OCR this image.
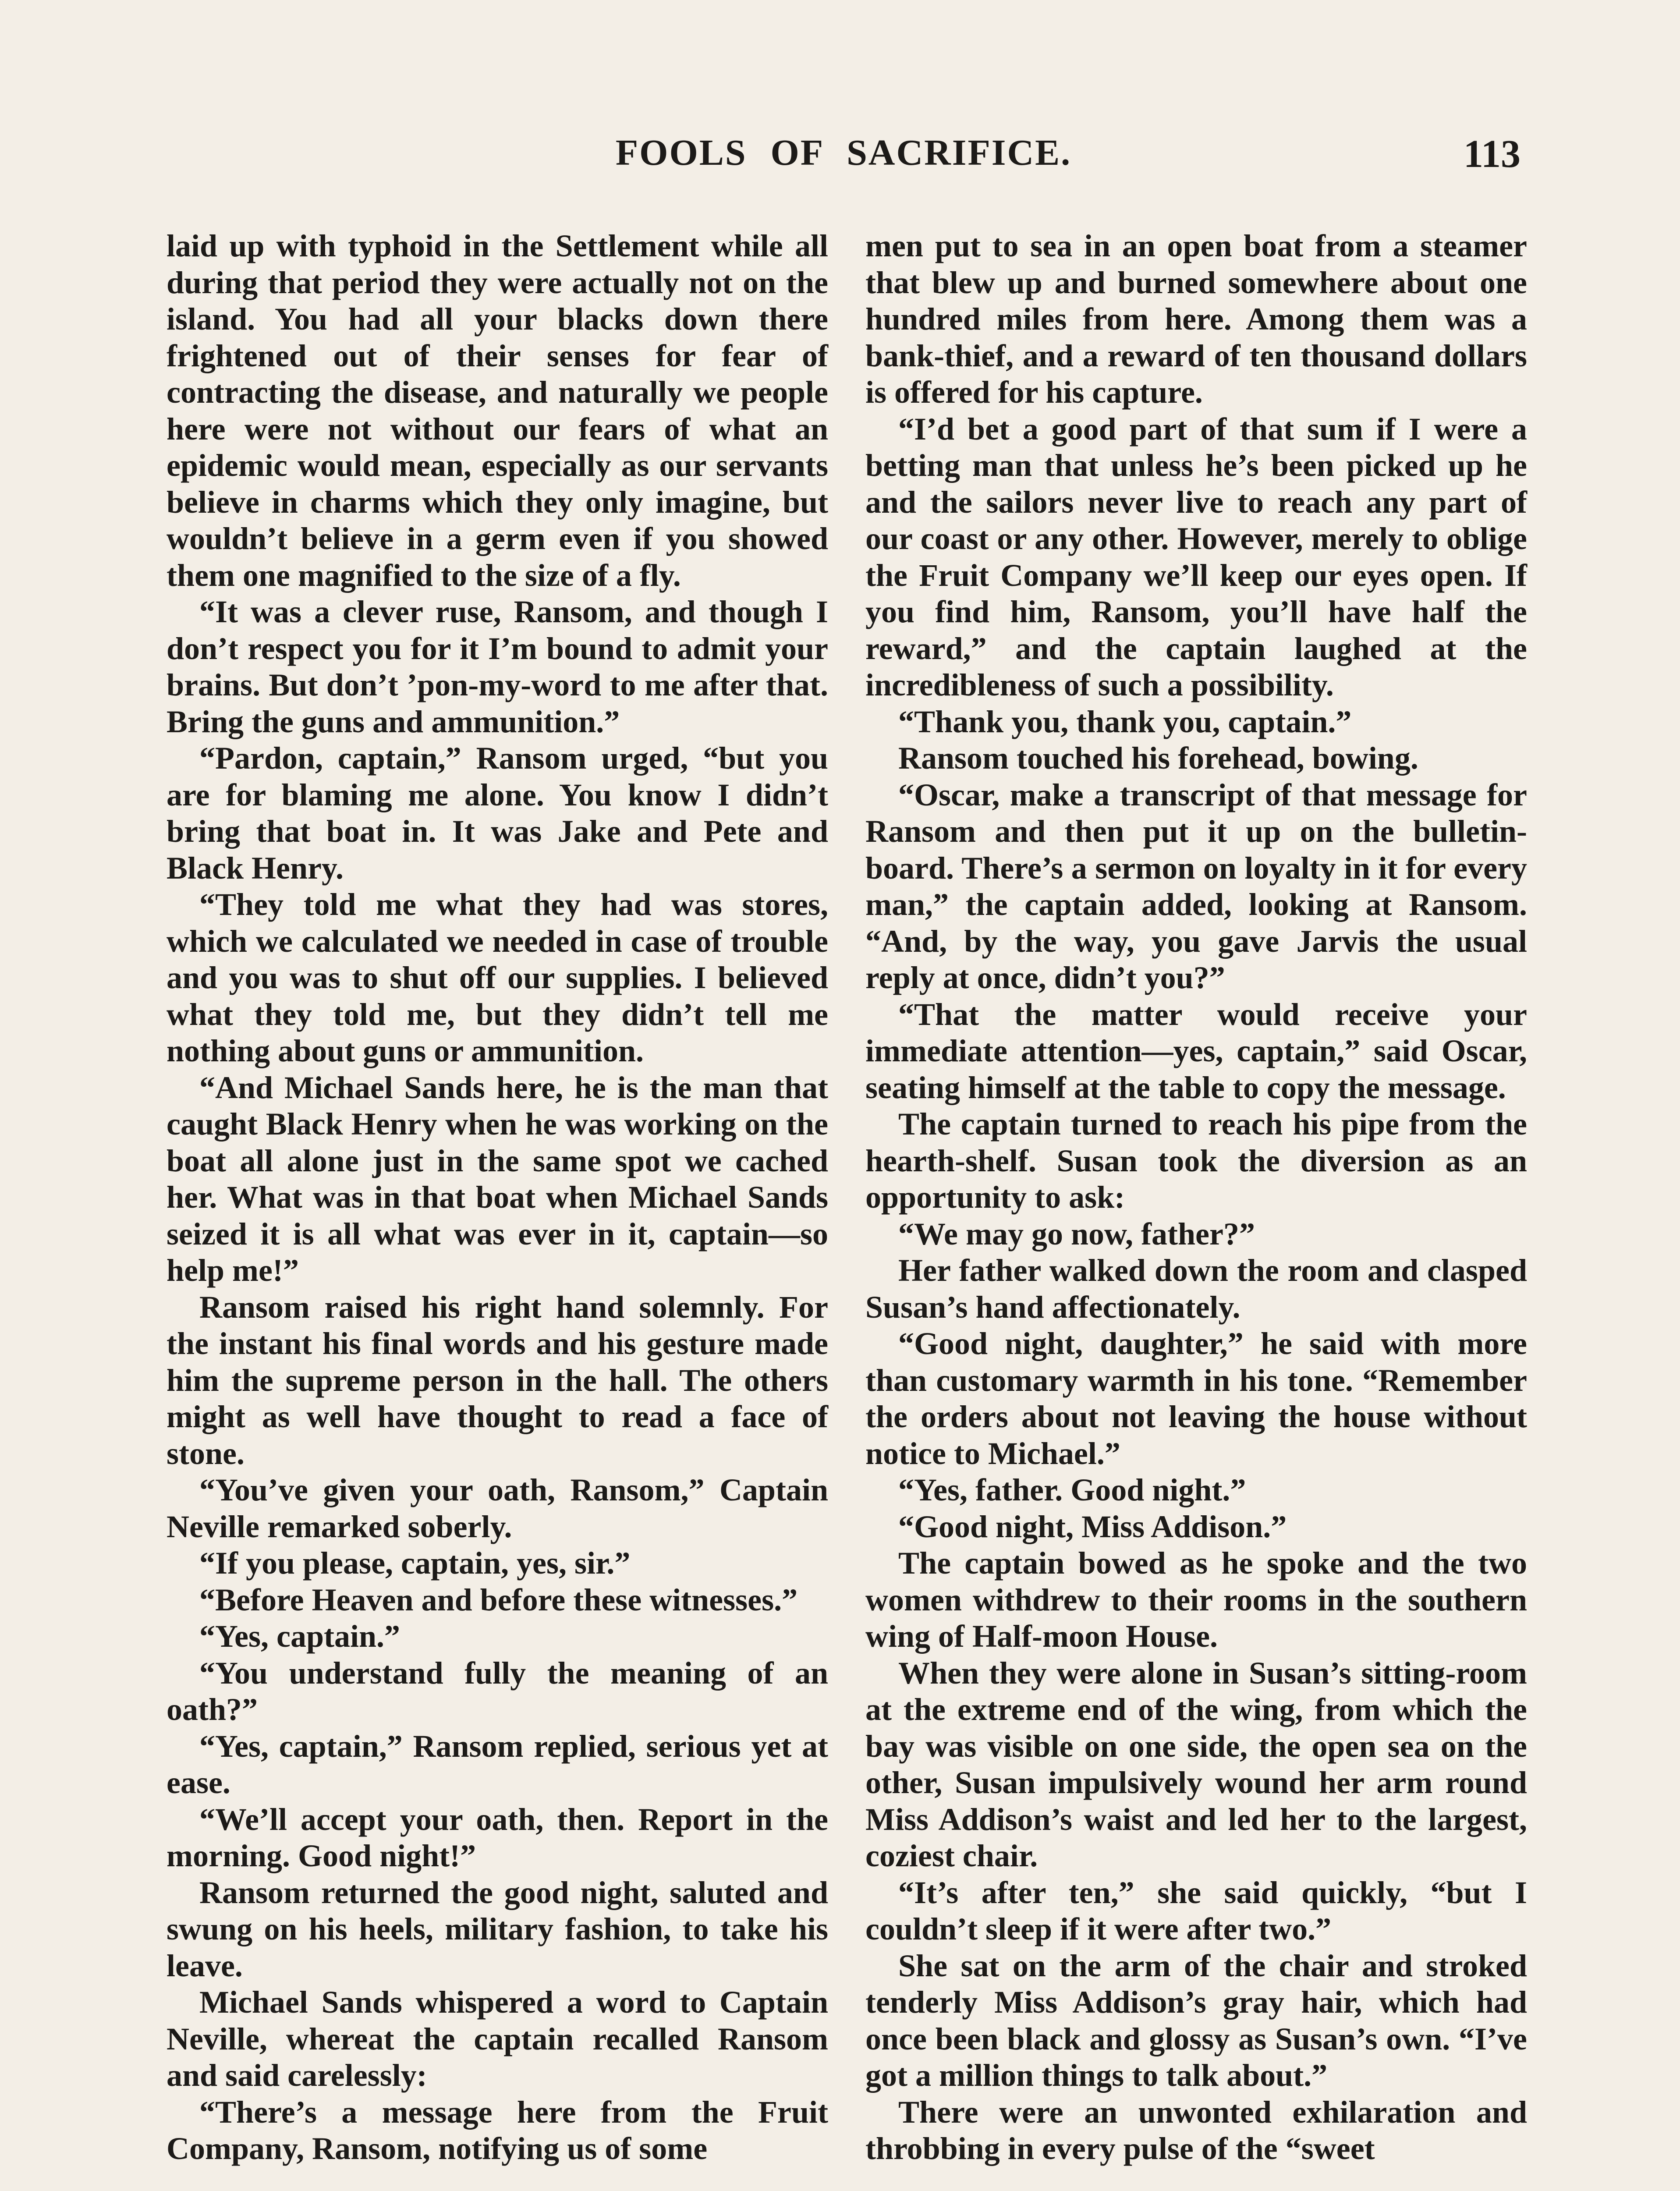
FOOLS OF SACRIFICE.	113

laid up with typhoid in the Settlement while all during that period they were actually not on the island. You had all your blacks down there frightened out of their senses for fear of contracting the disease, and naturally we people here were not without our fears of what an epidemic would mean, especially as our servants believe in charms which they only imagine, but wouldn’t believe in a germ even if you showed them one magnified to the size of a fly.

“It was a clever ruse, Ransom, and though I don’t respect you for it I’m bound to admit your brains. But don’t ’pon-my-word to me after that. Bring the guns and ammunition.”

“Pardon, captain,” Ransom urged, “but you are for blaming me alone. You know I didn’t bring that boat in. It was Jake and Pete and Black Henry.

“They told me what they had was stores, which we calculated we needed in case of trouble and you was to shut off our supplies. I believed what they told me, but they didn’t tell me nothing about guns or ammunition.

“And Michael Sands here, he is the man that caught Black Henry when he was working on the boat all alone just in the same spot we cached her. What was in that boat when Michael Sands seized it is all what was ever in it, captain—so help me!”

Ransom raised his right hand solemnly. For the instant his final words and his gesture made him the supreme person in the hall. The others might as well have thought to read a face of stone.

“You’ve given your oath, Ransom,” Captain Neville remarked soberly.

“If you please, captain, yes, sir.”

“Before Heaven and before these witnesses.”

“Yes, captain.”

“You understand fully the meaning of an oath?”

“Yes, captain,” Ransom replied, serious yet at ease.

“We’ll accept your oath, then. Report in the morning. Good night!”

Ransom returned the good night, saluted and swung on his heels, military fashion, to take his leave.

Michael Sands whispered a word to Captain Neville, whereat the captain recalled Ransom and said carelessly:

“There’s a message here from the Fruit Company, Ransom, notifying us of some

men put to sea in an open boat from a steamer that blew up and burned somewhere about one hundred miles from here. Among them was a bank-thief, and a reward of ten thousand dollars is offered for his capture.

“I’d bet a good part of that sum if I were a betting man that unless he’s been picked up he and the sailors never live to reach any part of our coast or any other. However, merely to oblige the Fruit Company we’ll keep our eyes open. If you find him, Ransom, you’ll have half the reward,” and the captain laughed at the incredibleness of such a possibility.

“Thank you, thank you, captain.”

Ransom touched his forehead, bowing.

“Oscar, make a transcript of that message for Ransom and then put it up on the bulletin-board. There’s a sermon on loyalty in it for every man,” the captain added, looking at Ransom. “And, by the way, you gave Jarvis the usual reply at once, didn’t you?”

“That the matter would receive your immediate attention—yes, captain,” said Oscar, seating himself at the table to copy the message.

The captain turned to reach his pipe from the hearth-shelf. Susan took the diversion as an opportunity to ask:

“We may go now, father?”

Her father walked down the room and clasped Susan’s hand affectionately.

“Good night, daughter,” he said with more than customary warmth in his tone. “Remember the orders about not leaving the house without notice to Michael.”

“Yes, father. Good night.”

“Good night, Miss Addison.”

The captain bowed as he spoke and the two women withdrew to their rooms in the southern wing of Half-moon House.

When they were alone in Susan’s sitting-room at the extreme end of the wing, from which the bay was visible on one side, the open sea on the other, Susan impulsively wound her arm round Miss Addison’s waist and led her to the largest, coziest chair.

“It’s after ten,” she said quickly, “but I couldn’t sleep if it were after two.”

She sat on the arm of the chair and stroked tenderly Miss Addison’s gray hair, which had once been black and glossy as Susan’s own. “I’ve got a million things to talk about.”

There were an unwonted exhilaration and throbbing in every pulse of the “sweet
